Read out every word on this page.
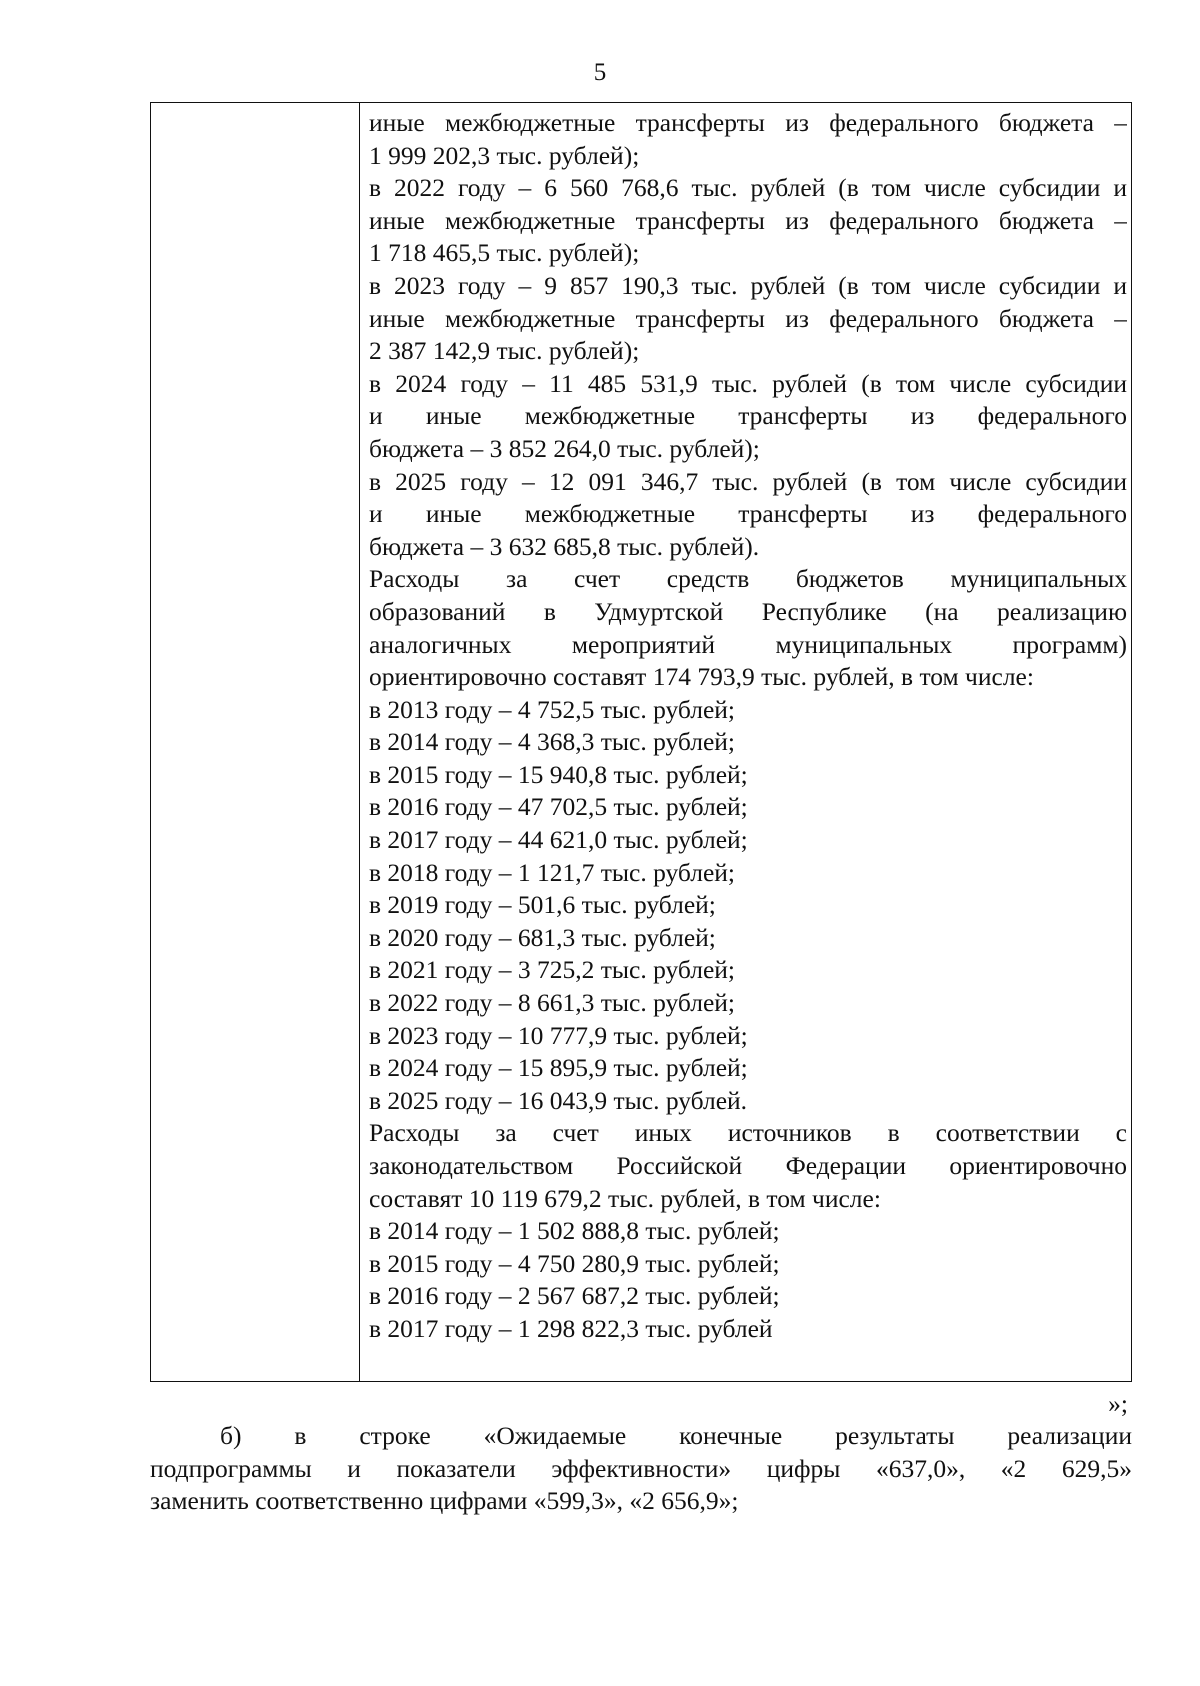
5
иные межбюджетные трансферты из федерального бюджета –
1 999 202,3 тыс. рублей);
в 2022 году – 6 560 768,6 тыс. рублей (в том числе субсидии и
иные межбюджетные трансферты из федерального бюджета –
1 718 465,5 тыс. рублей);
в 2023 году – 9 857 190,3 тыс. рублей (в том числе субсидии и
иные межбюджетные трансферты из федерального бюджета –
2 387 142,9 тыс. рублей);
в 2024 году – 11 485 531,9 тыс. рублей (в том числе субсидии
и иные межбюджетные трансферты из федерального
бюджета – 3 852 264,0 тыс. рублей);
в 2025 году – 12 091 346,7 тыс. рублей (в том числе субсидии
и иные межбюджетные трансферты из федерального
бюджета – 3 632 685,8 тыс. рублей).
Расходы за счет средств бюджетов муниципальных
образований в Удмуртской Республике (на реализацию
аналогичных мероприятий муниципальных программ)
ориентировочно составят 174 793,9 тыс. рублей, в том числе:
в 2013 году – 4 752,5 тыс. рублей;
в 2014 году – 4 368,3 тыс. рублей;
в 2015 году – 15 940,8 тыс. рублей;
в 2016 году – 47 702,5 тыс. рублей;
в 2017 году – 44 621,0 тыс. рублей;
в 2018 году – 1 121,7 тыс. рублей;
в 2019 году – 501,6 тыс. рублей;
в 2020 году – 681,3 тыс. рублей;
в 2021 году – 3 725,2 тыс. рублей;
в 2022 году – 8 661,3 тыс. рублей;
в 2023 году – 10 777,9 тыс. рублей;
в 2024 году – 15 895,9 тыс. рублей;
в 2025 году – 16 043,9 тыс. рублей.
Расходы за счет иных источников в соответствии с
законодательством Российской Федерации ориентировочно
составят 10 119 679,2 тыс. рублей, в том числе:
в 2014 году – 1 502 888,8 тыс. рублей;
в 2015 году – 4 750 280,9 тыс. рублей;
в 2016 году – 2 567 687,2 тыс. рублей;
в 2017 году – 1 298 822,3 тыс. рублей
»;
б) в строке «Ожидаемые конечные результаты реализации
подпрограммы и показатели эффективности» цифры «637,0», «2 629,5»
заменить соответственно цифрами «599,3», «2 656,9»;
